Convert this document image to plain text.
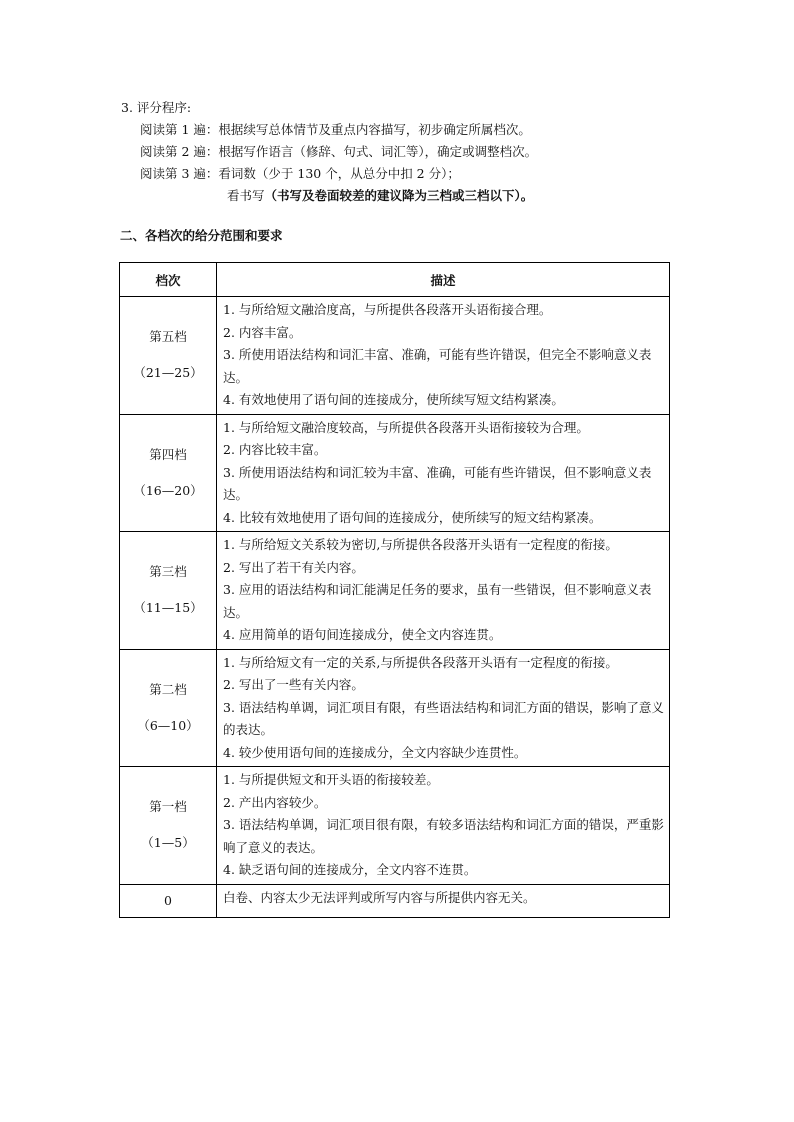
3. 评分程序:
阅读第 1 遍：根据续写总体情节及重点内容描写，初步确定所属档次。
阅读第 2 遍：根据写作语言（修辞、句式、词汇等），确定或调整档次。
阅读第 3 遍：看词数（少于 130 个，从总分中扣 2 分）；
看书写（书写及卷面较差的建议降为三档或三档以下）。
二、各档次的给分范围和要求
档次	描述

第五档
（21—25）	1. 与所给短文融洽度高，与所提供各段落开头语衔接合理。
2. 内容丰富。
3. 所使用语法结构和词汇丰富、准确，可能有些许错误，但完全不影响意义表达。
4. 有效地使用了语句间的连接成分，使所续写短文结构紧凑。

第四档
（16—20）	1. 与所给短文融洽度较高，与所提供各段落开头语衔接较为合理。
2. 内容比较丰富。
3. 所使用语法结构和词汇较为丰富、准确，可能有些许错误，但不影响意义表达。
4. 比较有效地使用了语句间的连接成分，使所续写的短文结构紧凑。

第三档
（11—15）	1. 与所给短文关系较为密切,与所提供各段落开头语有一定程度的衔接。
2. 写出了若干有关内容。
3. 应用的语法结构和词汇能满足任务的要求，虽有一些错误，但不影响意义表达。
4. 应用简单的语句间连接成分，使全文内容连贯。

第二档
（6—10）	1. 与所给短文有一定的关系,与所提供各段落开头语有一定程度的衔接。
2. 写出了一些有关内容。
3. 语法结构单调，词汇项目有限，有些语法结构和词汇方面的错误，影响了意义的表达。
4. 较少使用语句间的连接成分，全文内容缺少连贯性。

第一档
（1—5）	1. 与所提供短文和开头语的衔接较差。
2. 产出内容较少。
3. 语法结构单调，词汇项目很有限，有较多语法结构和词汇方面的错误，严重影响了意义的表达。
4. 缺乏语句间的连接成分，全文内容不连贯。

0	白卷、内容太少无法评判或所写内容与所提供内容无关。
